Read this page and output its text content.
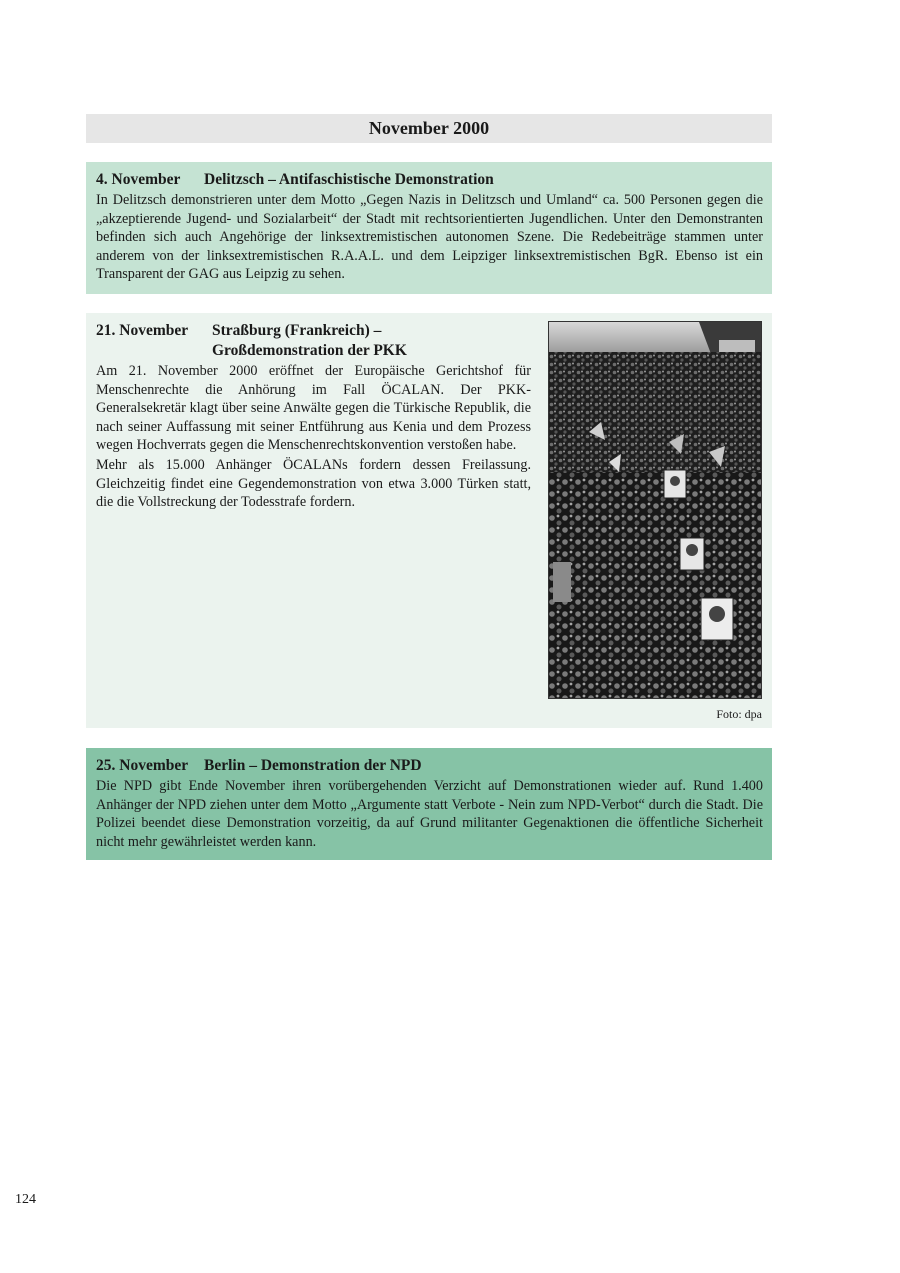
November 2000
4. November Delitzsch – Antifaschistische Demonstration
In Delitzsch demonstrieren unter dem Motto „Gegen Nazis in Delitzsch und Umland“ ca. 500 Personen gegen die „akzeptierende Jugend- und Sozialarbeit“ der Stadt mit rechtsorientierten Jugendlichen. Unter den Demonstranten befinden sich auch Angehörige der linksextremistischen autonomen Szene. Die Redebeiträge stammen unter anderem von der linksextremistischen R.A.A.L. und dem Leipziger linksextremistischen BgR. Ebenso ist ein Transparent der GAG aus Leipzig zu sehen.
21. November	Straßburg (Frankreich) –
Großdemonstration der PKK
Am 21. November 2000 eröffnet der Europäische Gerichtshof für Menschenrechte die Anhörung im Fall ÖCALAN. Der PKK-Generalsekretär klagt über seine Anwälte gegen die Türkische Republik, die nach seiner Auffassung mit seiner Entführung aus Kenia und dem Prozess wegen Hochverrats gegen die Menschenrechtskonvention verstoßen habe.
Mehr als 15.000 Anhänger ÖCALANs fordern dessen Freilassung. Gleichzeitig findet eine Gegendemonstration von etwa 3.000 Türken statt, die die Vollstreckung der Todesstrafe fordern.
Foto: dpa
25. November Berlin – Demonstration der NPD
Die NPD gibt Ende November ihren vorübergehenden Verzicht auf Demonstrationen wieder auf. Rund 1.400 Anhänger der NPD ziehen unter dem Motto „Argumente statt Verbote - Nein zum NPD-Verbot“ durch die Stadt. Die Polizei beendet diese Demonstration vorzeitig, da auf Grund militanter Gegenaktionen die öffentliche Sicherheit nicht mehr gewährleistet werden kann.
124
